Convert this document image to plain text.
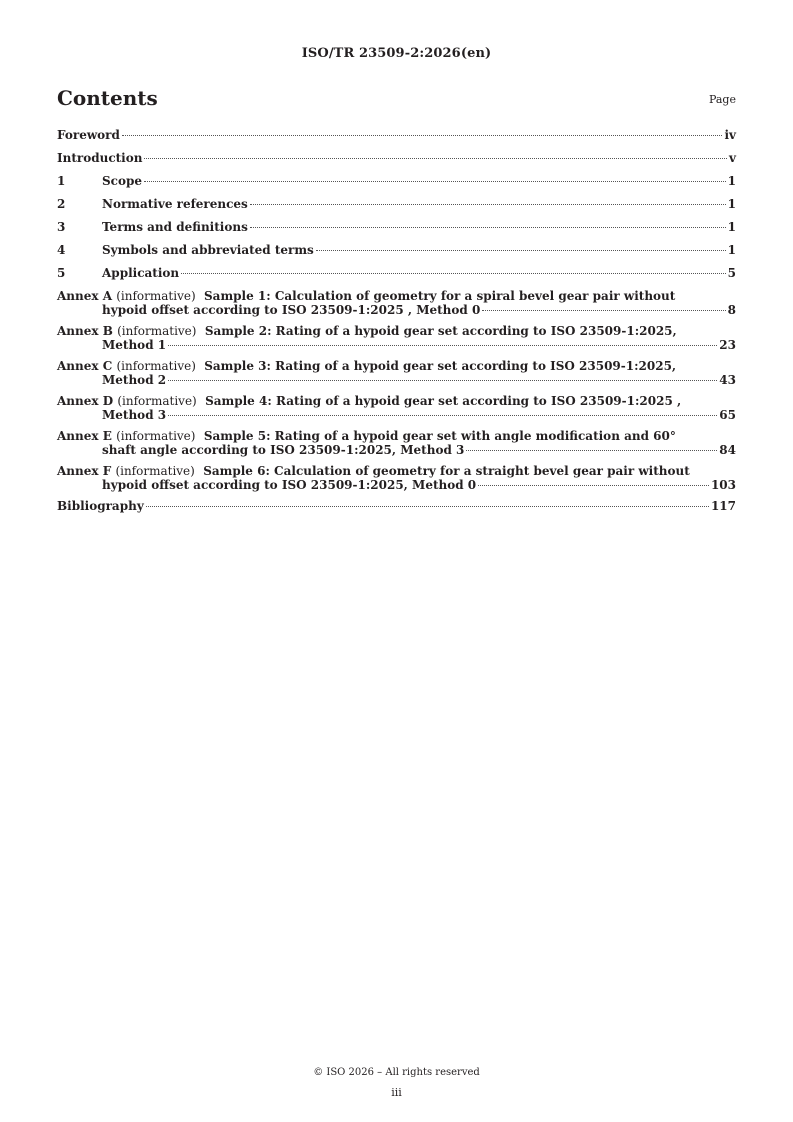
ISO/TR 23509-2:2026(en)
Contents	Page
Foreword	iv
Introduction	v
1	Scope	1
2	Normative references	1
3	Terms and definitions	1
4	Symbols and abbreviated terms	1
5	Application	5
Annex A (informative) Sample 1: Calculation of geometry for a spiral bevel gear pair without
hypoid offset according to ISO 23509-1:2025 , Method 0	8
Annex B (informative) Sample 2: Rating of a hypoid gear set according to ISO 23509-1:2025,
Method 1	23
Annex C (informative) Sample 3: Rating of a hypoid gear set according to ISO 23509-1:2025,
Method 2	43
Annex D (informative) Sample 4: Rating of a hypoid gear set according to ISO 23509-1:2025 ,
Method 3	65
Annex E (informative) Sample 5: Rating of a hypoid gear set with angle modification and 60°
shaft angle according to ISO 23509-1:2025, Method 3	84
Annex F (informative) Sample 6: Calculation of geometry for a straight bevel gear pair without
hypoid offset according to ISO 23509-1:2025, Method 0	103
Bibliography	117
© ISO 2026 – All rights reserved
iii
